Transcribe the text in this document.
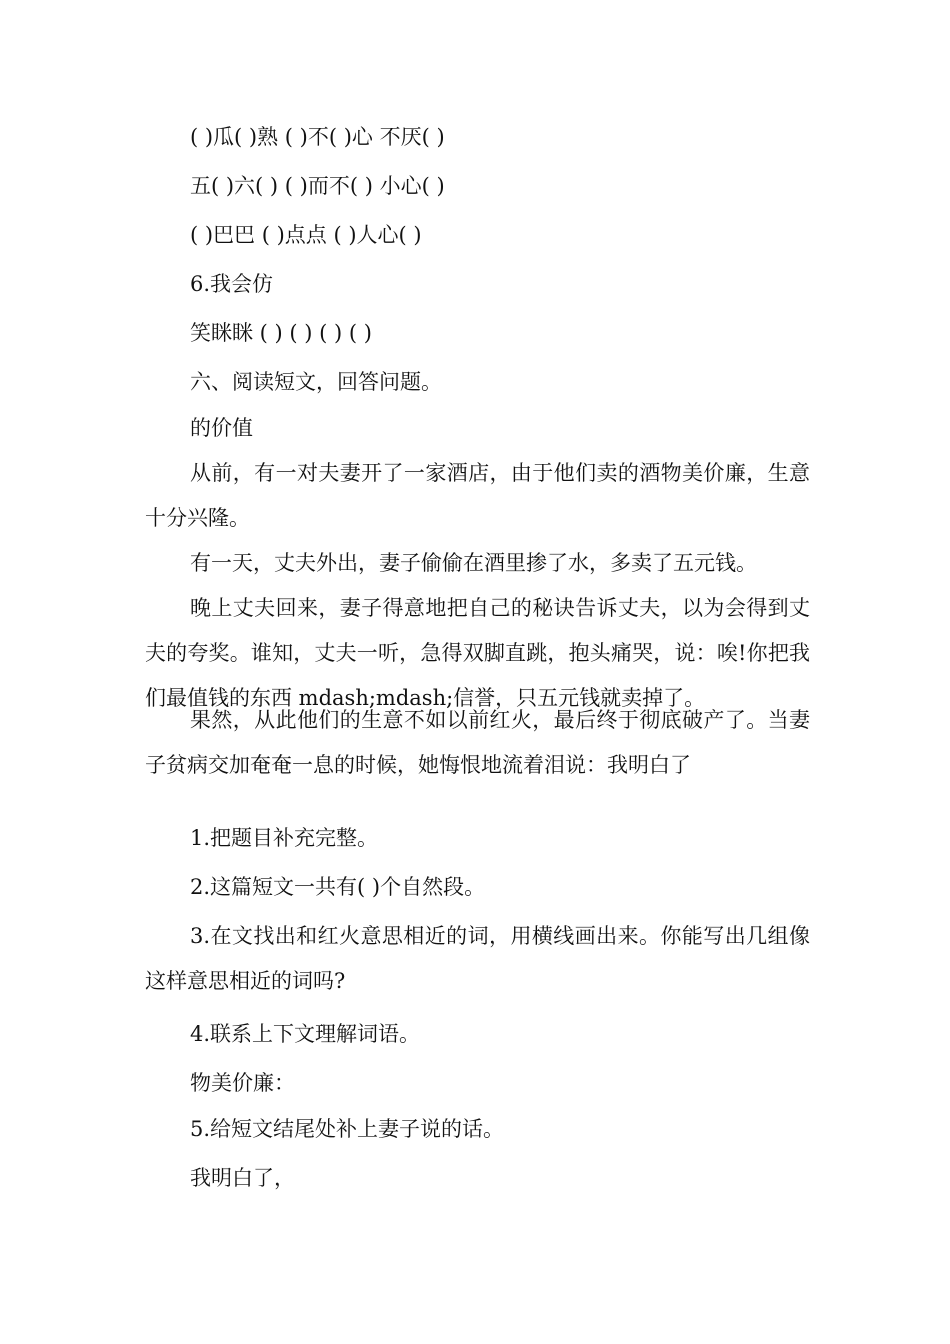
( )瓜( )熟 ( )不( )心 不厌( )
五( )六( ) ( )而不( ) 小心( )
( )巴巴 ( )点点 ( )人心( )
6.我会仿
笑眯眯 ( ) ( ) ( ) ( )
六、阅读短文，回答问题。
的价值
从前，有一对夫妻开了一家酒店，由于他们卖的酒物美价廉，生意十分兴隆。
有一天，丈夫外出，妻子偷偷在酒里掺了水，多卖了五元钱。
晚上丈夫回来，妻子得意地把自己的秘诀告诉丈夫，以为会得到丈夫的夸奖。谁知，丈夫一听，急得双脚直跳，抱头痛哭，说：唉!你把我们最值钱的东西 mdash;mdash;信誉，只五元钱就卖掉了。
果然，从此他们的生意不如以前红火，最后终于彻底破产了。当妻子贫病交加奄奄一息的时候，她悔恨地流着泪说：我明白了
1.把题目补充完整。
2.这篇短文一共有( )个自然段。
3.在文找出和红火意思相近的词，用横线画出来。你能写出几组像这样意思相近的词吗?
4.联系上下文理解词语。
物美价廉：
5.给短文结尾处补上妻子说的话。
我明白了，
